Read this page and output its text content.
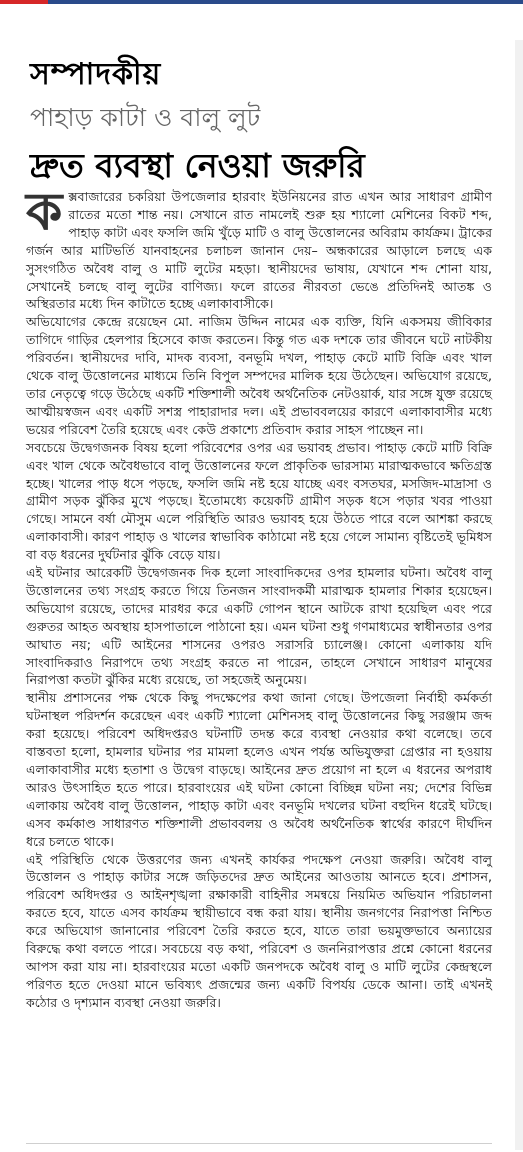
সম্পাদকীয়
পাহাড় কাটা ও বালু লুট
দ্রুত ব্যবস্থা নেওয়া জরুরি

কক্সবাজারের চকরিয়া উপজেলার হারবাং ইউনিয়নের রাত এখন আর সাধারণ গ্রামীণ রাতের মতো শান্ত নয়। সেখানে রাত নামলেই শুরু হয় শ্যালো মেশিনের বিকট শব্দ, পাহাড় কাটা এবং ফসলি জমি খুঁড়ে মাটি ও বালু উত্তোলনের অবিরাম কার্যক্রম। ট্রাকের গর্জন আর মাটিভর্তি যানবাহনের চলাচল জানান দেয়– অন্ধকারের আড়ালে চলছে এক সুসংগঠিত অবৈধ বালু ও মাটি লুটের মহড়া। স্থানীয়দের ভাষায়, যেখানে শব্দ শোনা যায়, সেখানেই চলছে বালু লুটের বাণিজ্য। ফলে রাতের নীরবতা ভেঙে প্রতিদিনই আতঙ্ক ও অস্থিরতার মধ্যে দিন কাটাতে হচ্ছে এলাকাবাসীকে।

অভিযোগের কেন্দ্রে রয়েছেন মো. নাজিম উদ্দিন নামের এক ব্যক্তি, যিনি একসময় জীবিকার তাগিদে গাড়ির হেলপার হিসেবে কাজ করতেন। কিন্তু গত এক দশকে তার জীবনে ঘটে নাটকীয় পরিবর্তন। স্থানীয়দের দাবি, মাদক ব্যবসা, বনভূমি দখল, পাহাড় কেটে মাটি বিক্রি এবং খাল থেকে বালু উত্তোলনের মাধ্যমে তিনি বিপুল সম্পদের মালিক হয়ে উঠেছেন। অভিযোগ রয়েছে, তার নেতৃত্বে গড়ে উঠেছে একটি শক্তিশালী অবৈধ অর্থনৈতিক নেটওয়ার্ক, যার সঙ্গে যুক্ত রয়েছে আত্মীয়স্বজন এবং একটি সশস্ত্র পাহারাদার দল। এই প্রভাববলয়ের কারণে এলাকাবাসীর মধ্যে ভয়ের পরিবেশ তৈরি হয়েছে এবং কেউ প্রকাশ্যে প্রতিবাদ করার সাহস পাচ্ছেন না।

সবচেয়ে উদ্বেগজনক বিষয় হলো পরিবেশের ওপর এর ভয়াবহ প্রভাব। পাহাড় কেটে মাটি বিক্রি এবং খাল থেকে অবৈধভাবে বালু উত্তোলনের ফলে প্রাকৃতিক ভারসাম্য মারাত্মকভাবে ক্ষতিগ্রস্ত হচ্ছে। খালের পাড় ধসে পড়ছে, ফসলি জমি নষ্ট হয়ে যাচ্ছে এবং বসতঘর, মসজিদ-মাদ্রাসা ও গ্রামীণ সড়ক ঝুঁকির মুখে পড়ছে। ইতোমধ্যে কয়েকটি গ্রামীণ সড়ক ধসে পড়ার খবর পাওয়া গেছে। সামনে বর্ষা মৌসুম এলে পরিস্থিতি আরও ভয়াবহ হয়ে উঠতে পারে বলে আশঙ্কা করছে এলাকাবাসী। কারণ পাহাড় ও খালের স্বাভাবিক কাঠামো নষ্ট হয়ে গেলে সামান্য বৃষ্টিতেই ভূমিধস বা বড় ধরনের দুর্ঘটনার ঝুঁকি বেড়ে যায়।

এই ঘটনার আরেকটি উদ্বেগজনক দিক হলো সাংবাদিকদের ওপর হামলার ঘটনা। অবৈধ বালু উত্তোলনের তথ্য সংগ্রহ করতে গিয়ে তিনজন সাংবাদকর্মী মারাত্মক হামলার শিকার হয়েছেন। অভিযোগ রয়েছে, তাদের মারধর করে একটি গোপন স্থানে আটকে রাখা হয়েছিল এবং পরে গুরুতর আহত অবস্থায় হাসপাতালে পাঠানো হয়। এমন ঘটনা শুধু গণমাধ্যমের স্বাধীনতার ওপর আঘাত নয়; এটি আইনের শাসনের ওপরও সরাসরি চ্যালেঞ্জ। কোনো এলাকায় যদি সাংবাদিকরাও নিরাপদে তথ্য সংগ্রহ করতে না পারেন, তাহলে সেখানে সাধারণ মানুষের নিরাপত্তা কতটা ঝুঁকির মধ্যে রয়েছে, তা সহজেই অনুমেয়।

স্থানীয় প্রশাসনের পক্ষ থেকে কিছু পদক্ষেপের কথা জানা গেছে। উপজেলা নির্বাহী কর্মকর্তা ঘটনাস্থল পরিদর্শন করেছেন এবং একটি শ্যালো মেশিনসহ বালু উত্তোলনের কিছু সরঞ্জাম জব্দ করা হয়েছে। পরিবেশ অধিদপ্তরও ঘটনাটি তদন্ত করে ব্যবস্থা নেওয়ার কথা বলেছে। তবে বাস্তবতা হলো, হামলার ঘটনার পর মামলা হলেও এখন পর্যন্ত অভিযুক্তরা গ্রেপ্তার না হওয়ায় এলাকাবাসীর মধ্যে হতাশা ও উদ্বেগ বাড়ছে। আইনের দ্রুত প্রয়োগ না হলে এ ধরনের অপরাধ আরও উৎসাহিত হতে পারে। হারবাংয়ের এই ঘটনা কোনো বিচ্ছিন্ন ঘটনা নয়; দেশের বিভিন্ন এলাকায় অবৈধ বালু উত্তোলন, পাহাড় কাটা এবং বনভূমি দখলের ঘটনা বহুদিন ধরেই ঘটছে। এসব কর্মকাণ্ড সাধারণত শক্তিশালী প্রভাববলয় ও অবৈধ অর্থনৈতিক স্বার্থের কারণে দীর্ঘদিন ধরে চলতে থাকে।

এই পরিস্থিতি থেকে উত্তরণের জন্য এখনই কার্যকর পদক্ষেপ নেওয়া জরুরি। অবৈধ বালু উত্তোলন ও পাহাড় কাটার সঙ্গে জড়িতদের দ্রুত আইনের আওতায় আনতে হবে। প্রশাসন, পরিবেশ অধিদপ্তর ও আইনশৃঙ্খলা রক্ষাকারী বাহিনীর সমন্বয়ে নিয়মিত অভিযান পরিচালনা করতে হবে, যাতে এসব কার্যক্রম স্থায়ীভাবে বন্ধ করা যায়। স্থানীয় জনগণের নিরাপত্তা নিশ্চিত করে অভিযোগ জানানোর পরিবেশ তৈরি করতে হবে, যাতে তারা ভয়মুক্তভাবে অন্যায়ের বিরুদ্ধে কথা বলতে পারে। সবচেয়ে বড় কথা, পরিবেশ ও জননিরাপত্তার প্রশ্নে কোনো ধরনের আপস করা যায় না। হারবাংয়ের মতো একটি জনপদকে অবৈধ বালু ও মাটি লুটের কেন্দ্রস্থলে পরিণত হতে দেওয়া মানে ভবিষ্যৎ প্রজন্মের জন্য একটি বিপর্যয় ডেকে আনা। তাই এখনই কঠোর ও দৃশ্যমান ব্যবস্থা নেওয়া জরুরি।
